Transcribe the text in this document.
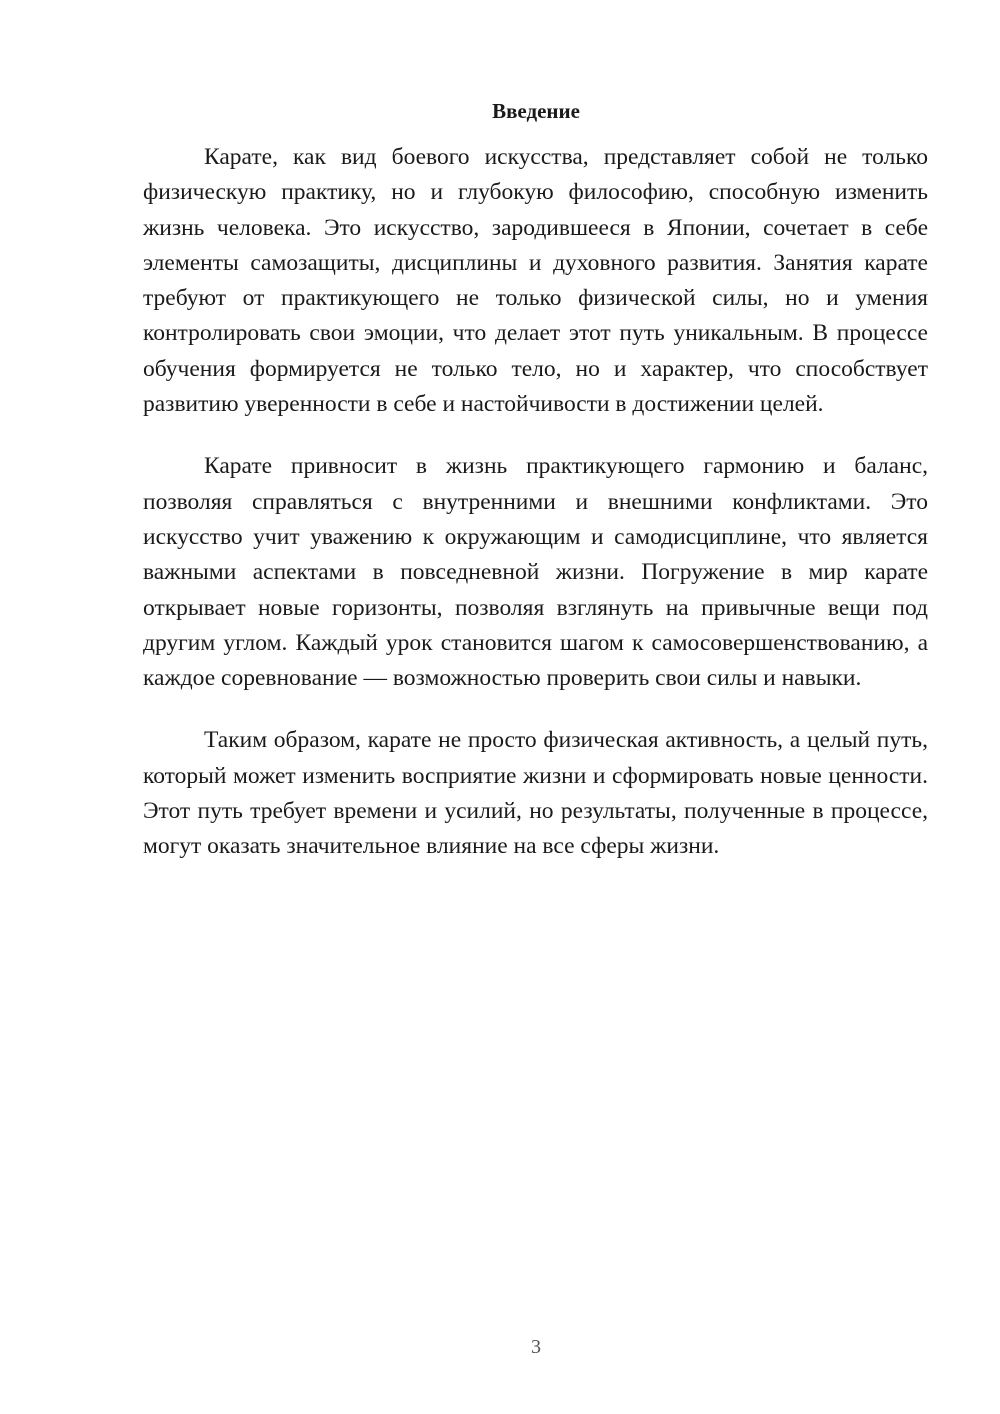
Введение

Карате, как вид боевого искусства, представляет собой не только физическую практику, но и глубокую философию, способную изменить жизнь человека. Это искусство, зародившееся в Японии, сочетает в себе элементы самозащиты, дисциплины и духовного развития. Занятия карате требуют от практикующего не только физической силы, но и умения контролировать свои эмоции, что делает этот путь уникальным. В процессе обучения формируется не только тело, но и характер, что способствует развитию уверенности в себе и настойчивости в достижении целей.

Карате привносит в жизнь практикующего гармонию и баланс, позволяя справляться с внутренними и внешними конфликтами. Это искусство учит уважению к окружающим и самодисциплине, что является важными аспектами в повседневной жизни. Погружение в мир карате открывает новые горизонты, позволяя взглянуть на привычные вещи под другим углом. Каждый урок становится шагом к самосовершенствованию, а каждое соревнование — возможностью проверить свои силы и навыки.

Таким образом, карате не просто физическая активность, а целый путь, который может изменить восприятие жизни и сформировать новые ценности. Этот путь требует времени и усилий, но результаты, полученные в процессе, могут оказать значительное влияние на все сферы жизни.

3
